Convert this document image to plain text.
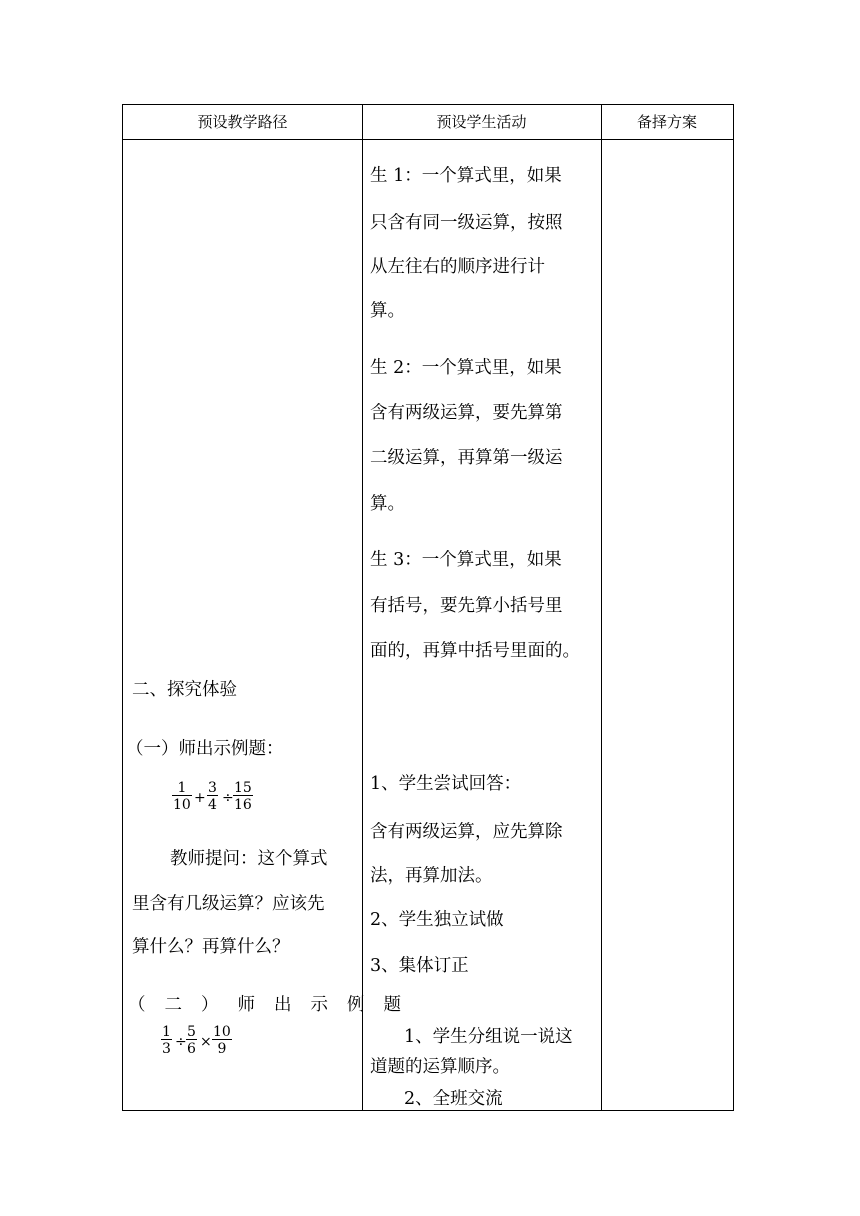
预设教学路径	预设学生活动	备择方案
二、探究体验
（一）师出示例题：
$\frac{1}{10} + \frac{3}{4} \div \frac{15}{16}$
教师提问：这个算式
里含有几级运算？应该先
算什么？再算什么？
（二）师出示例题
$\frac{1}{3} \div \frac{5}{6} \times \frac{10}{9}$
生 1：一个算式里，如果
只含有同一级运算，按照
从左往右的顺序进行计
算。
生 2：一个算式里，如果
含有两级运算，要先算第
二级运算，再算第一级运
算。
生 3：一个算式里，如果
有括号，要先算小括号里
面的，再算中括号里面的。
1、学生尝试回答：
含有两级运算，应先算除
法，再算加法。
2、学生独立试做
3、集体订正
1、学生分组说一说这
道题的运算顺序。
2、全班交流
